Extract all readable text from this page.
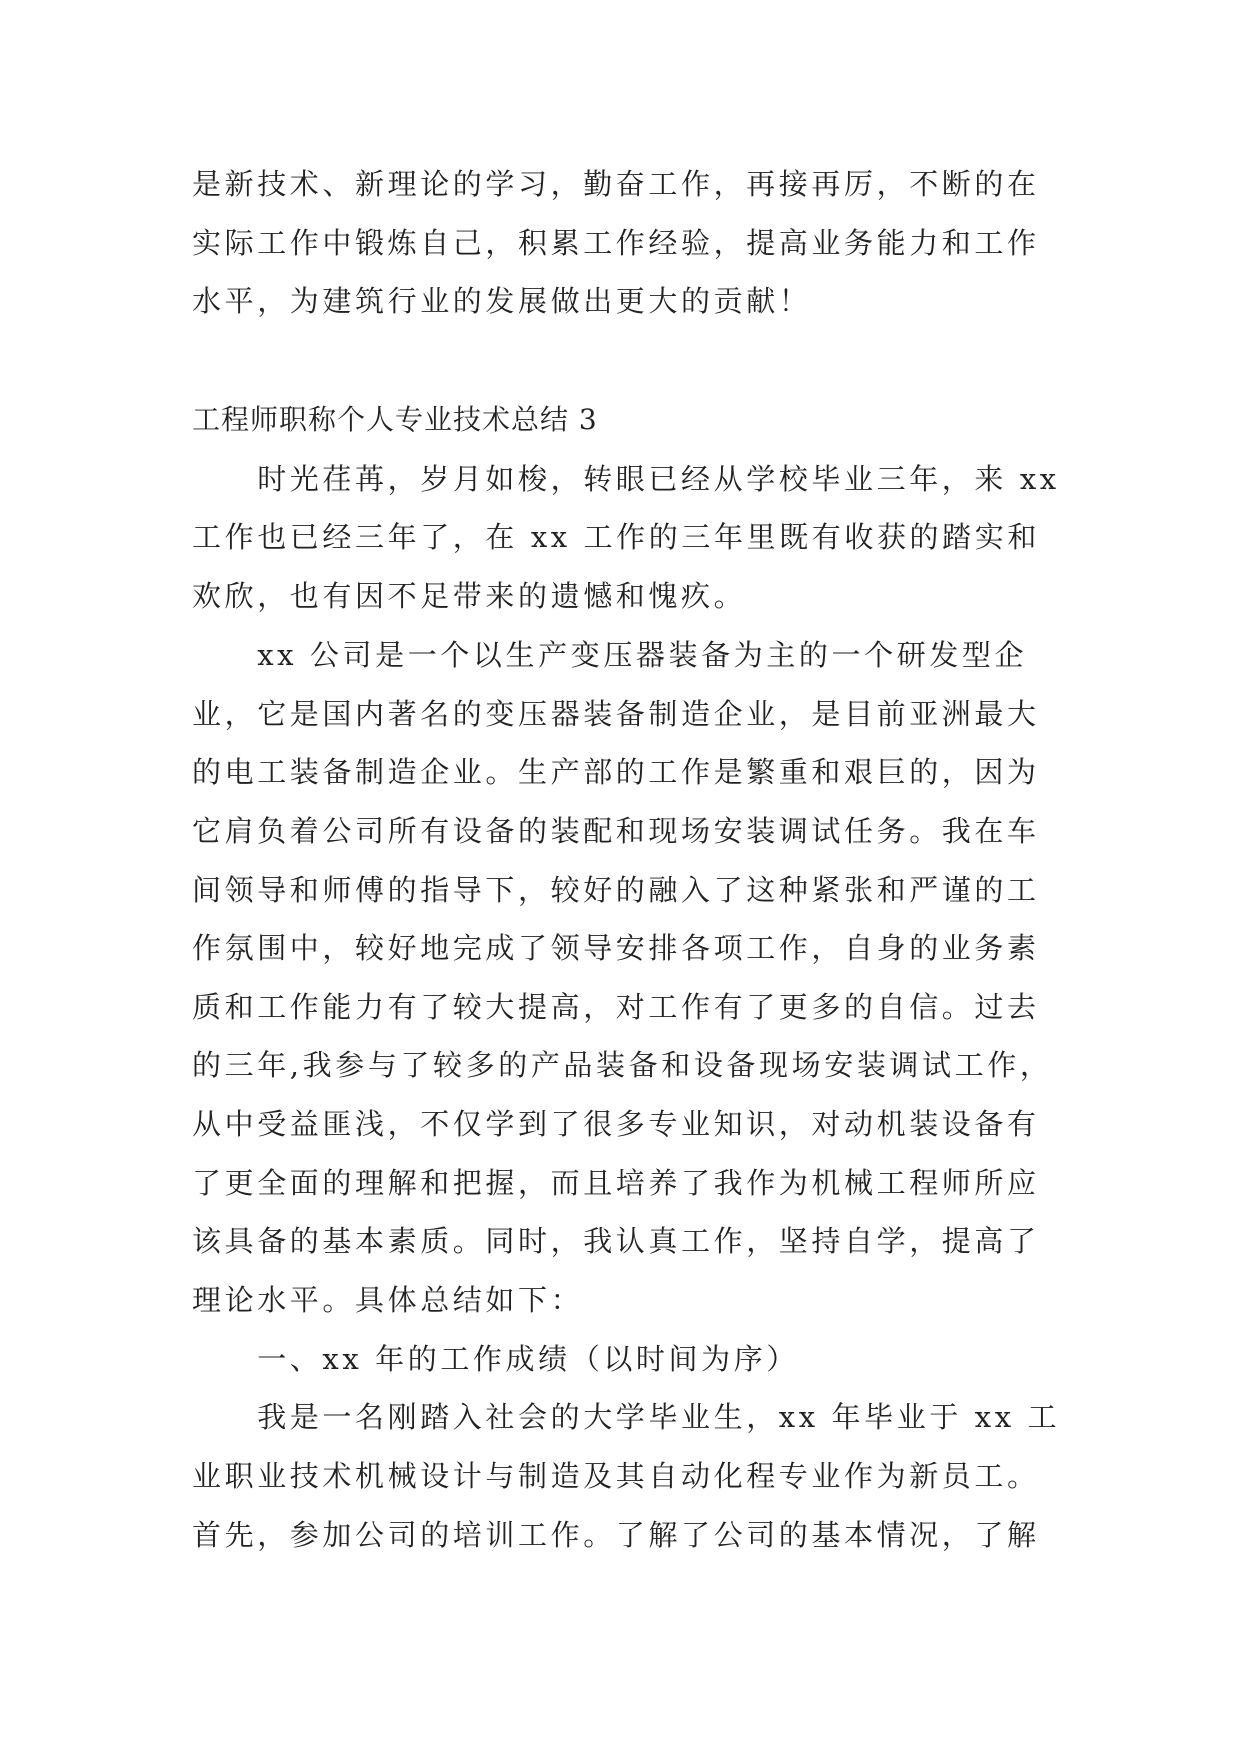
是新技术、新理论的学习，勤奋工作，再接再厉，不断的在
实际工作中锻炼自己，积累工作经验，提高业务能力和工作
水平，为建筑行业的发展做出更大的贡献！
工程师职称个人专业技术总结 3
　　时光荏苒，岁月如梭，转眼已经从学校毕业三年，来 xx
工作也已经三年了，在 xx 工作的三年里既有收获的踏实和
欢欣，也有因不足带来的遗憾和愧疚。
　　xx 公司是一个以生产变压器装备为主的一个研发型企
业，它是国内著名的变压器装备制造企业，是目前亚洲最大
的电工装备制造企业。生产部的工作是繁重和艰巨的，因为
它肩负着公司所有设备的装配和现场安装调试任务。我在车
间领导和师傅的指导下，较好的融入了这种紧张和严谨的工
作氛围中，较好地完成了领导安排各项工作，自身的业务素
质和工作能力有了较大提高，对工作有了更多的自信。过去
的三年,我参与了较多的产品装备和设备现场安装调试工作，
从中受益匪浅，不仅学到了很多专业知识，对动机装设备有
了更全面的理解和把握，而且培养了我作为机械工程师所应
该具备的基本素质。同时，我认真工作，坚持自学，提高了
理论水平。具体总结如下：
　　一、xx 年的工作成绩（以时间为序）
　　我是一名刚踏入社会的大学毕业生，xx 年毕业于 xx 工
业职业技术机械设计与制造及其自动化程专业作为新员工。
首先，参加公司的培训工作。了解了公司的基本情况，了解
